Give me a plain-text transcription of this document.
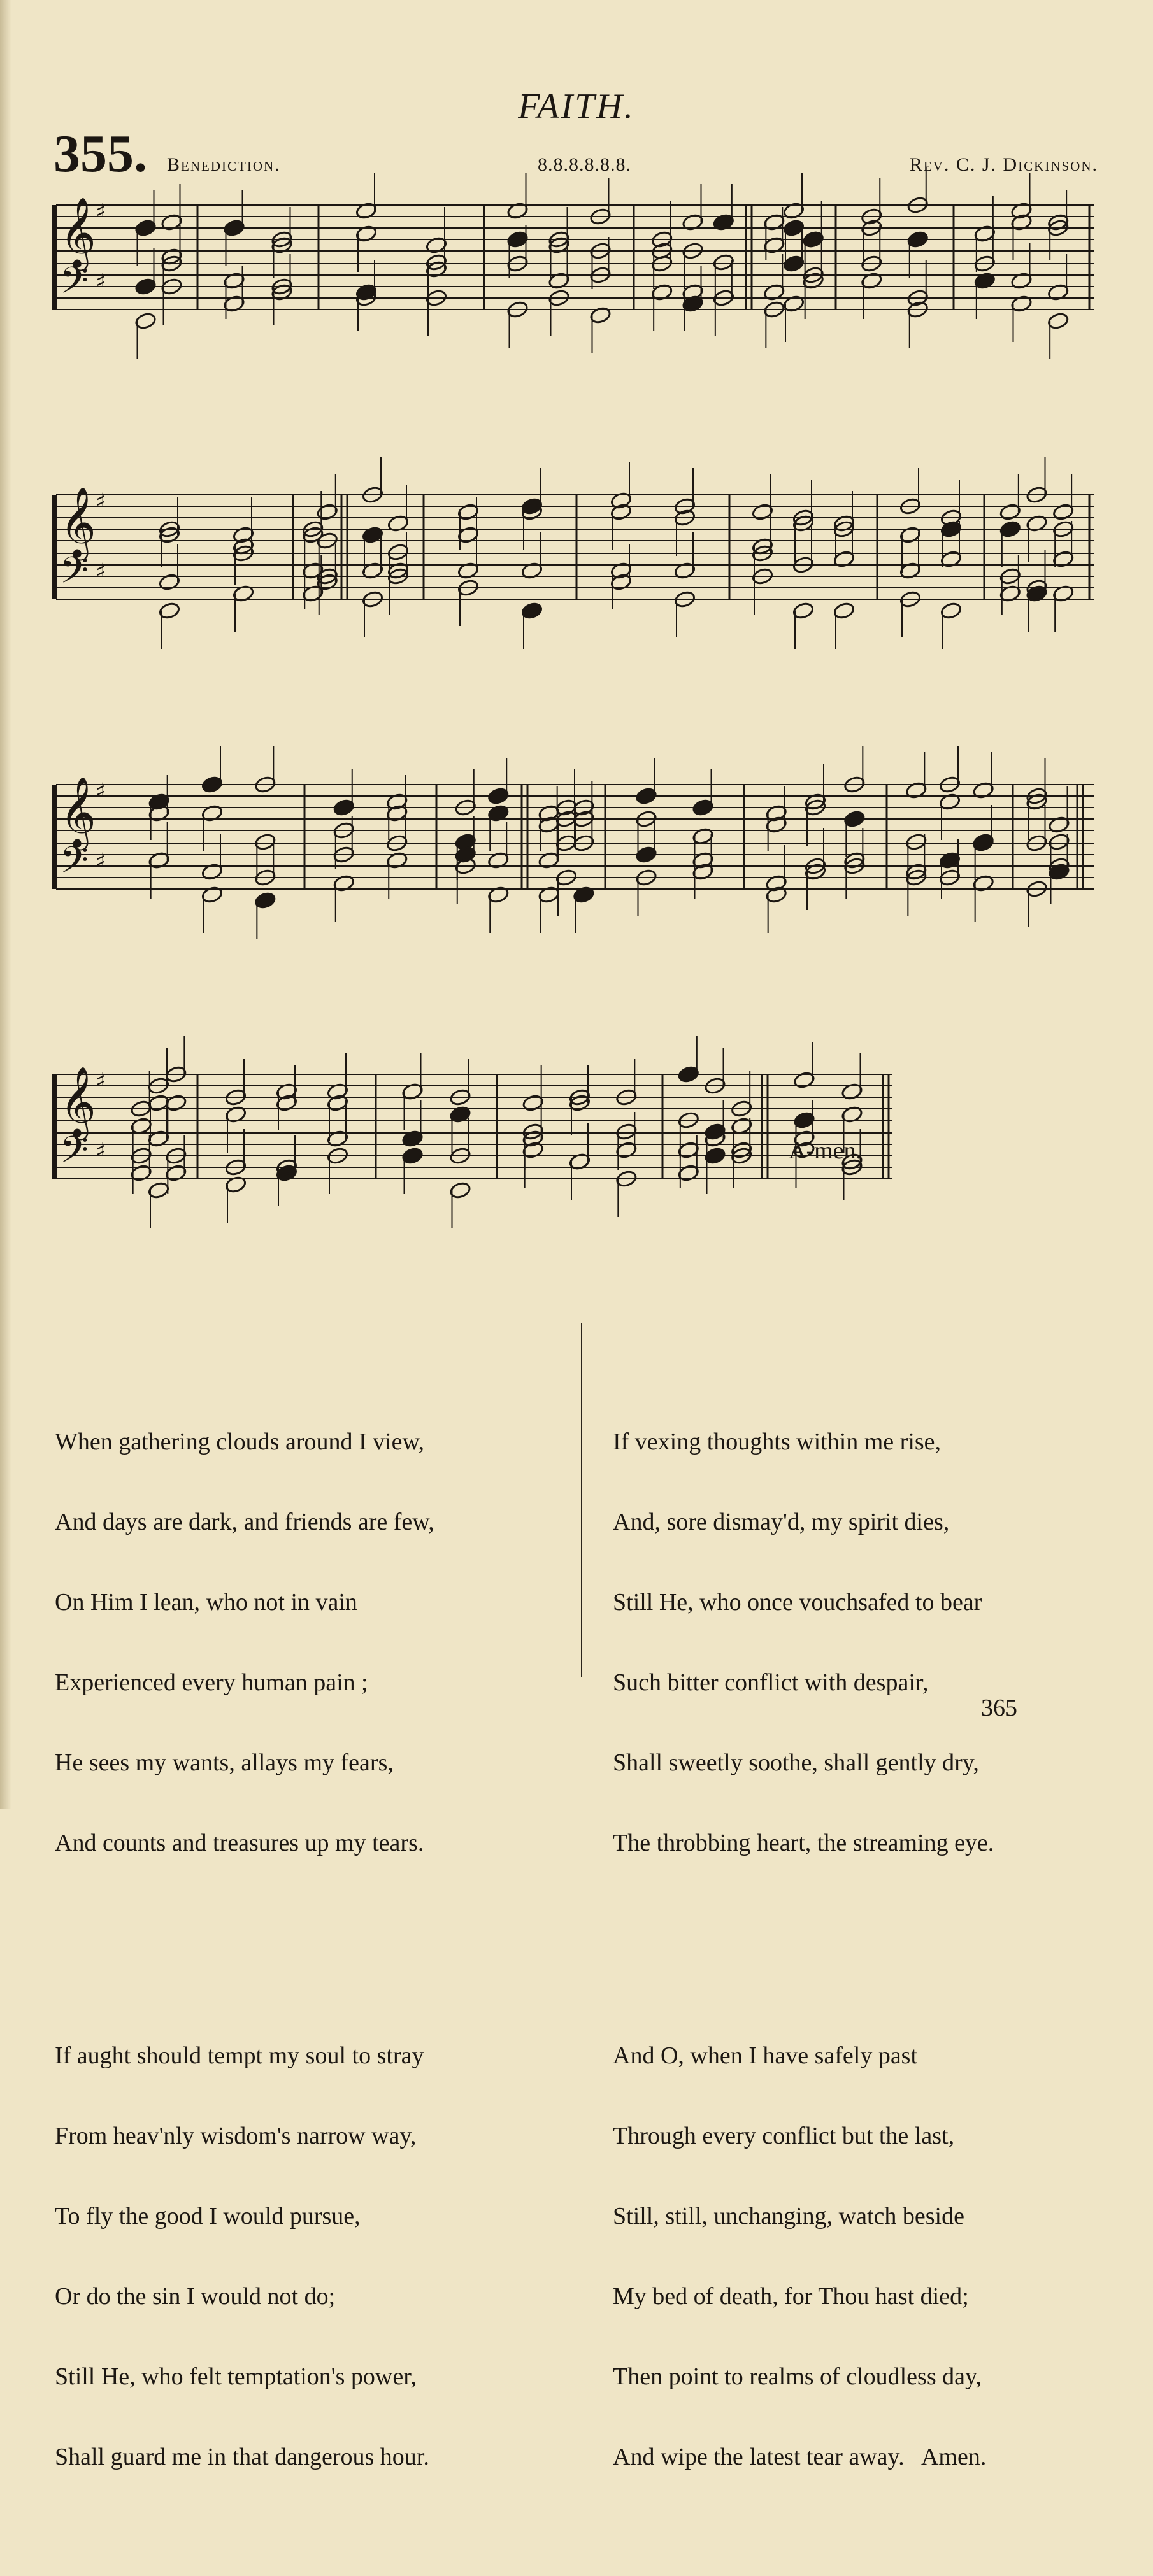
FAITH.
355. Benediction.	8.8.8.8.8.8.	Rev. C. J. Dickinson.
𝄞 ♯
𝄢 ♯
𝄞 ♯
𝄢 ♯
𝄞 ♯
𝄢 ♯
𝄞 ♯
𝄢 ♯	A-men.

When gathering clouds around I view,

And days are dark, and friends are few,

On Him I lean, who not in vain

Experienced every human pain ;

He sees my wants, allays my fears,

And counts and treasures up my tears.

If aught should tempt my soul to stray

From heav'nly wisdom's narrow way,

To fly the good I would pursue,

Or do the sin I would not do;

Still He, who felt temptation's power,

Shall guard me in that dangerous hour.

If vexing thoughts within me rise,

And, sore dismay'd, my spirit dies,

Still He, who once vouchsafed to bear

Such bitter conflict with despair,

Shall sweetly soothe, shall gently dry,

The throbbing heart, the streaming eye.

And O, when I have safely past

Through every conflict but the last,

Still, still, unchanging, watch beside

My bed of death, for Thou hast died;

Then point to realms of cloudless day,

And wipe the latest tear away.   Amen.

365
